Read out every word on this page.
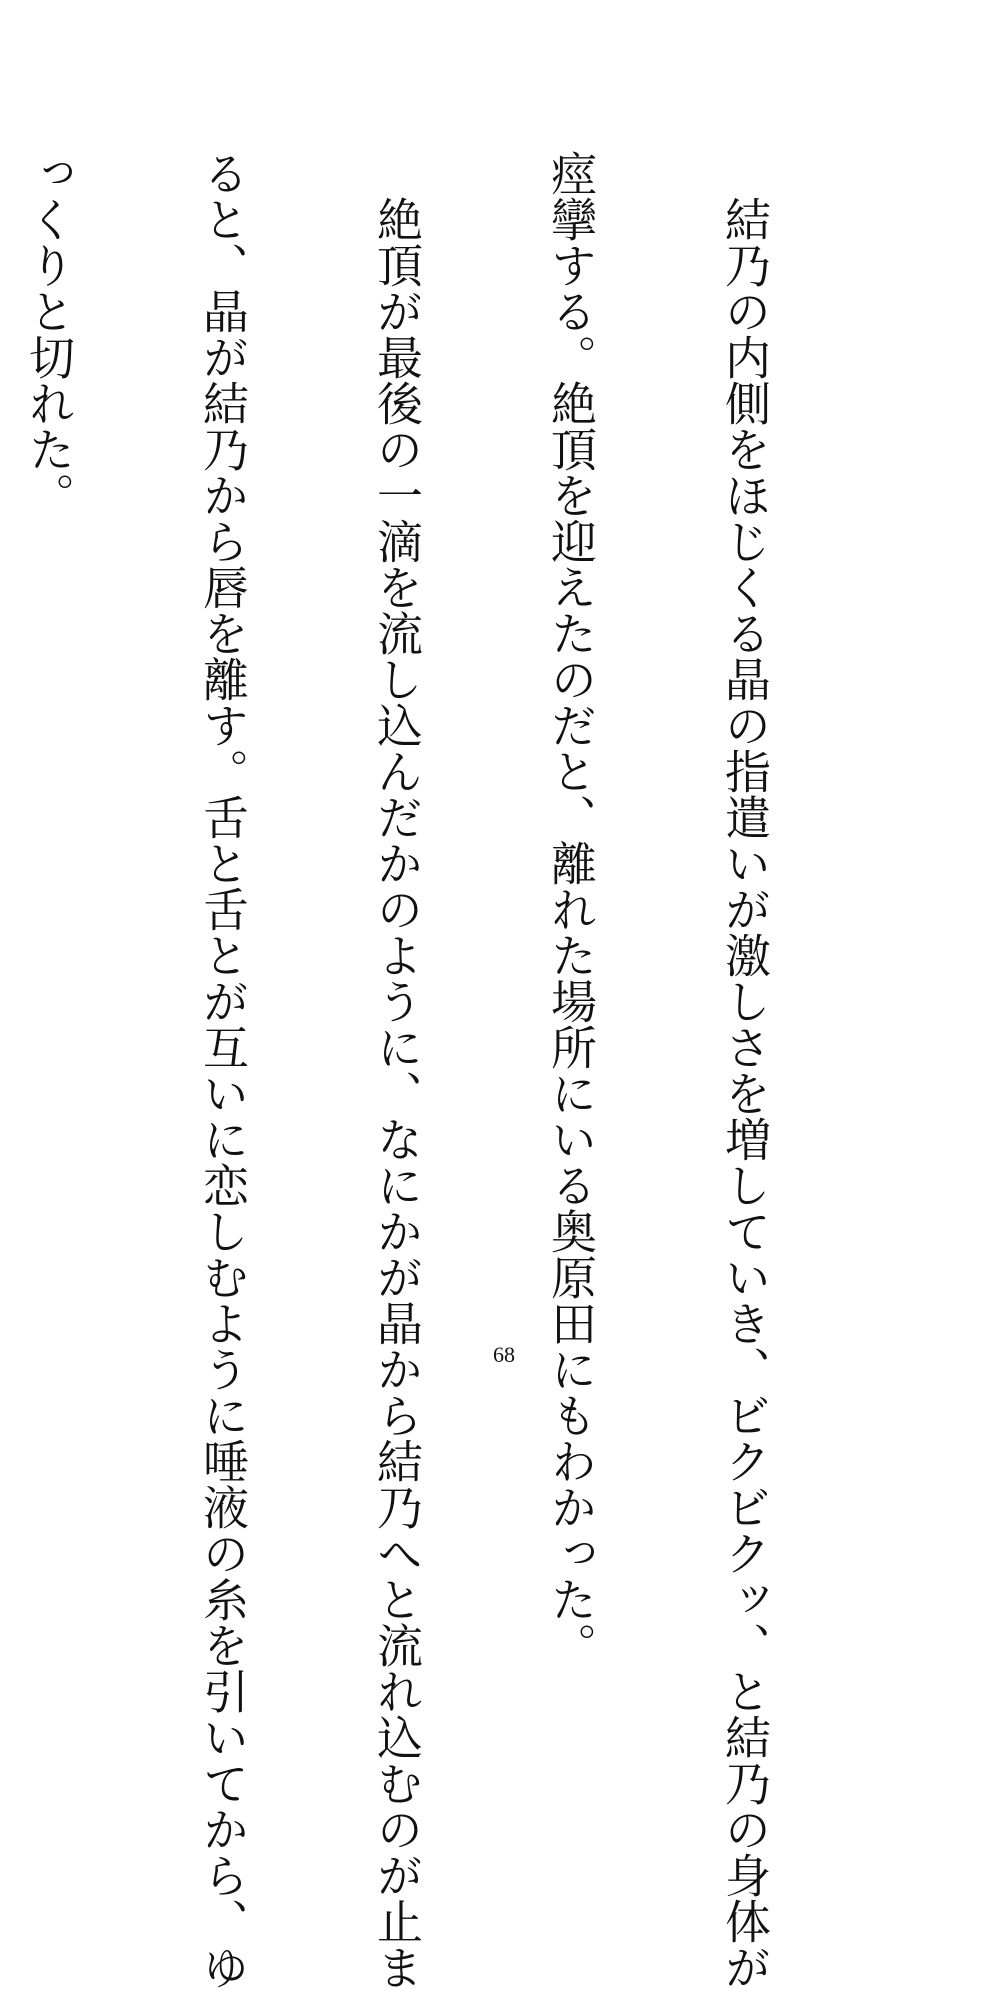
　結乃の内側をほじくる晶の指遣いが激しさを増していき、ビクビクッ、と結乃の身体が

痙攣する。絶頂を迎えたのだと、離れた場所にいる奥原田にもわかった。

　絶頂が最後の一滴を流し込んだかのように、なにかが晶から結乃へと流れ込むのが止ま

ると、晶が結乃から唇を離す。舌と舌とが互いに恋しむように唾液の糸を引いてから、ゆ

っくりと切れた。

68
